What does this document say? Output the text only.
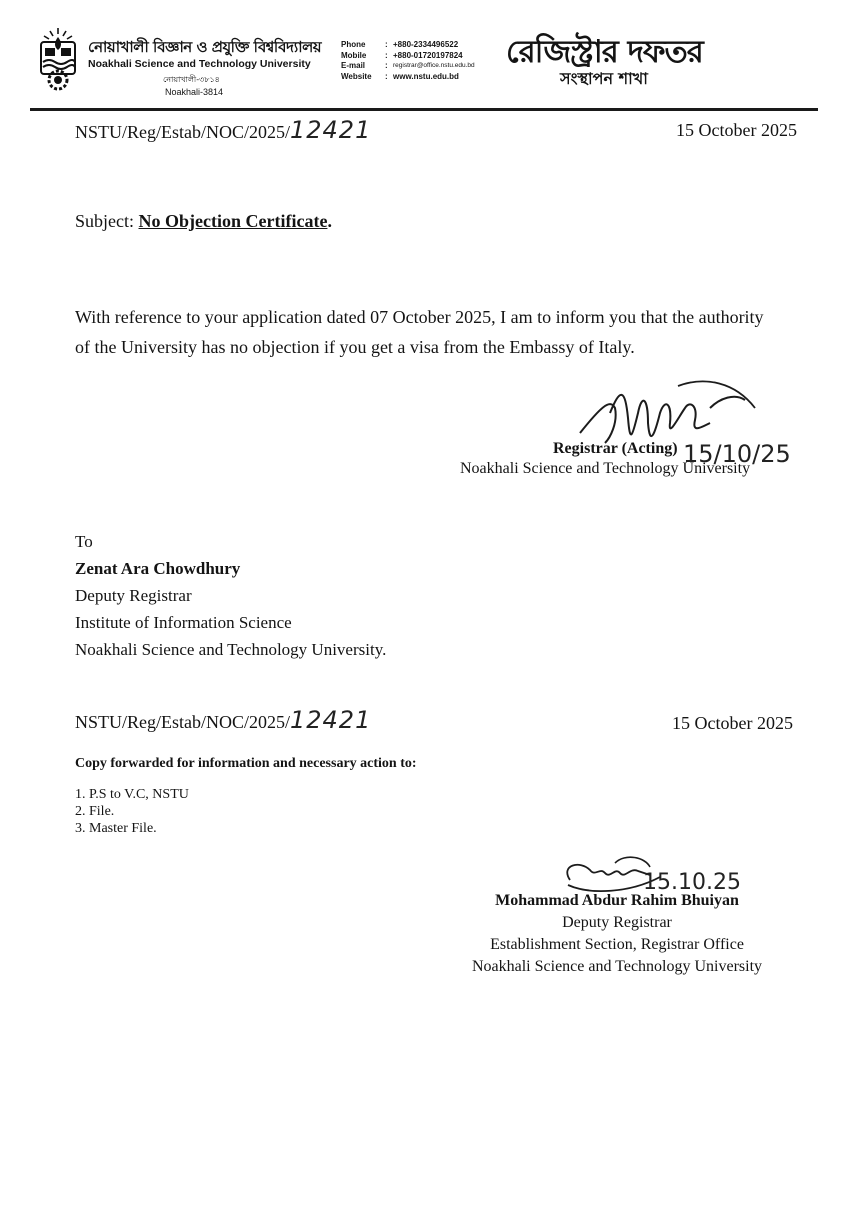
নোয়াখালী বিজ্ঞান ও প্রযুক্তি বিশ্ববিদ্যালয়
Noakhali Science and Technology University
নোয়াখালী-৩৮১৪
Noakhali-3814
Phone	: +880-2334496522
Mobile	: +880-01720197824
E-mail	: registrar@office.nstu.edu.bd
Website	: www.nstu.edu.bd
রেজিস্ট্রার দফতর
সংস্থাপন শাখা
NSTU/Reg/Estab/NOC/2025/12421	15 October 2025
Subject: No Objection Certificate.
With reference to your application dated 07 October 2025, I am to inform you that the authority
of the University has no objection if you get a visa from the Embassy of Italy.
Registrar (Acting)
Noakhali Science and Technology University
15/10/25
To
Zenat Ara Chowdhury
Deputy Registrar
Institute of Information Science
Noakhali Science and Technology University.
NSTU/Reg/Estab/NOC/2025/12421	15 October 2025
Copy forwarded for information and necessary action to:
1. P.S to V.C, NSTU
2. File.
3. Master File.
15.10.25
Mohammad Abdur Rahim Bhuiyan
Deputy Registrar
Establishment Section, Registrar Office
Noakhali Science and Technology University
